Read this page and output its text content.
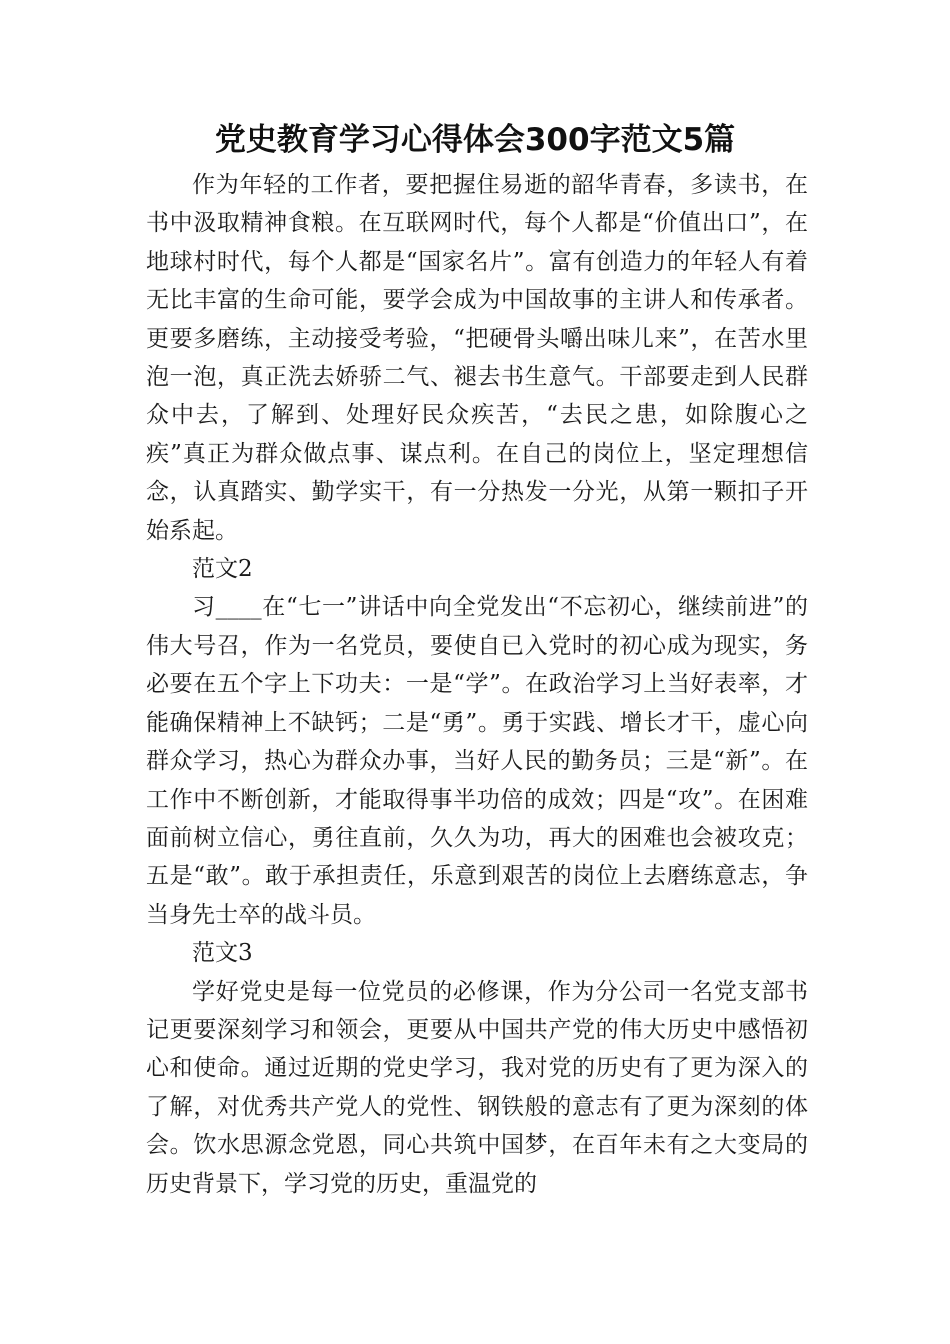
党史教育学习心得体会300字范文5篇

作为年轻的工作者，要把握住易逝的韶华青春，多读书，在书中汲取精神食粮。在互联网时代，每个人都是“价值出口”，在地球村时代，每个人都是“国家名片”。富有创造力的年轻人有着无比丰富的生命可能，要学会成为中国故事的主讲人和传承者。更要多磨练，主动接受考验，“把硬骨头嚼出味儿来”，在苦水里泡一泡，真正洗去娇骄二气、褪去书生意气。干部要走到人民群众中去，了解到、处理好民众疾苦，“去民之患，如除腹心之疾”真正为群众做点事、谋点利。在自己的岗位上，坚定理想信念，认真踏实、勤学实干，有一分热发一分光，从第一颗扣子开始系起。

范文2

习____在“七一”讲话中向全党发出“不忘初心，继续前进”的伟大号召，作为一名党员，要使自已入党时的初心成为现实，务必要在五个字上下功夫：一是“学”。在政治学习上当好表率，才能确保精神上不缺钙；二是“勇”。勇于实践、增长才干，虚心向群众学习，热心为群众办事，当好人民的勤务员；三是“新”。在工作中不断创新，才能取得事半功倍的成效；四是“攻”。在困难面前树立信心，勇往直前，久久为功，再大的困难也会被攻克；五是“敢”。敢于承担责任，乐意到艰苦的岗位上去磨练意志，争当身先士卒的战斗员。

范文3

学好党史是每一位党员的必修课，作为分公司一名党支部书记更要深刻学习和领会，更要从中国共产党的伟大历史中感悟初心和使命。通过近期的党史学习，我对党的历史有了更为深入的了解，对优秀共产党人的党性、钢铁般的意志有了更为深刻的体会。饮水思源念党恩，同心共筑中国梦，在百年未有之大变局的历史背景下，学习党的历史，重温党的
